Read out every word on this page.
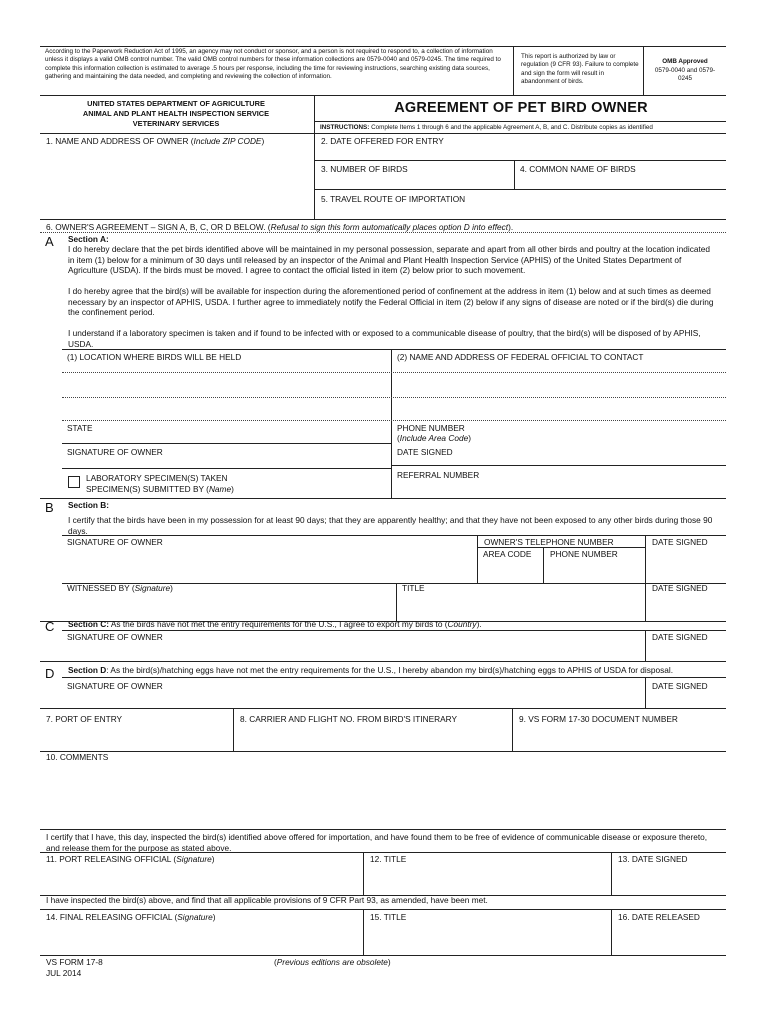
According to the Paperwork Reduction Act of 1995, an agency may not conduct or sponsor, and a person is not required to respond to, a collection of information unless it displays a valid OMB control number. The valid OMB control numbers for these information collections are 0579-0040 and 0579-0245. The time required to complete this information collection is estimated to average .5 hours per response, including the time for reviewing instructions, searching existing data sources, gathering and maintaining the data needed, and completing and reviewing the collection of information.
This report is authorized by law or regulation (9 CFR 93). Failure to complete and sign the form will result in abandonment of birds.
OMB Approved
0579-0040 and 0579-0245
UNITED STATES DEPARTMENT OF AGRICULTURE
ANIMAL AND PLANT HEALTH INSPECTION SERVICE
VETERINARY SERVICES
AGREEMENT OF PET BIRD OWNER
INSTRUCTIONS: Complete Items 1 through 6 and the applicable Agreement A, B, and C. Distribute copies as identified
1. NAME AND ADDRESS OF OWNER (Include ZIP CODE)	2. DATE OFFERED FOR ENTRY
3. NUMBER OF BIRDS	4. COMMON NAME OF BIRDS
5. TRAVEL ROUTE OF IMPORTATION
6. OWNER'S AGREEMENT – SIGN A, B, C, OR D BELOW. (Refusal to sign this form automatically places option D into effect).
A Section A:
I do hereby declare that the pet birds identified above will be maintained in my personal possession, separate and apart from all other birds and poultry at the location indicated in item (1) below for a minimum of 30 days until released by an inspector of the Animal and Plant Health Inspection Service (APHIS) of the United States Department of Agriculture (USDA). If the birds must be moved. I agree to contact the official listed in item (2) below prior to such movement.
I do hereby agree that the bird(s) will be available for inspection during the aforementioned period of confinement at the address in item (1) below and at such times as deemed necessary by an inspector of APHIS, USDA. I further agree to immediately notify the Federal Official in item (2) below if any signs of disease are noted or if the bird(s) die during the confinement period.
I understand if a laboratory specimen is taken and if found to be infected with or exposed to a communicable disease of poultry, that the bird(s) will be disposed of by APHIS, USDA.
(1) LOCATION WHERE BIRDS WILL BE HELD	(2) NAME AND ADDRESS OF FEDERAL OFFICIAL TO CONTACT
STATE	PHONE NUMBER
(Include Area Code)
SIGNATURE OF OWNER	DATE SIGNED
LABORATORY SPECIMEN(S) TAKEN
SPECIMEN(S) SUBMITTED BY (Name)
REFERRAL NUMBER
B Section B:
I certify that the birds have been in my possession for at least 90 days; that they are apparently healthy; and that they have not been exposed to any other birds during those 90 days.
SIGNATURE OF OWNER	OWNER'S TELEPHONE NUMBER
AREA CODE PHONE NUMBER
DATE SIGNED
WITNESSED BY (Signature)	TITLE	DATE SIGNED
C Section C: As the birds have not met the entry requirements for the U.S., I agree to export my birds to (Country).
SIGNATURE OF OWNER	DATE SIGNED
D Section D: As the bird(s)/hatching eggs have not met the entry requirements for the U.S., I hereby abandon my bird(s)/hatching eggs to APHIS of USDA for disposal.
SIGNATURE OF OWNER	DATE SIGNED
7. PORT OF ENTRY	8. CARRIER AND FLIGHT NO. FROM BIRD'S ITINERARY	9. VS FORM 17-30 DOCUMENT NUMBER
10. COMMENTS
I certify that I have, this day, inspected the bird(s) identified above offered for importation, and have found them to be free of evidence of communicable disease or exposure thereto, and release them for the purpose as stated above.
11. PORT RELEASING OFFICIAL (Signature)	12. TITLE	13. DATE SIGNED
I have inspected the bird(s) above, and find that all applicable provisions of 9 CFR Part 93, as amended, have been met.
14. FINAL RELEASING OFFICIAL (Signature)	15. TITLE	16. DATE RELEASED
VS FORM 17-8
JUL 2014
(Previous editions are obsolete)
